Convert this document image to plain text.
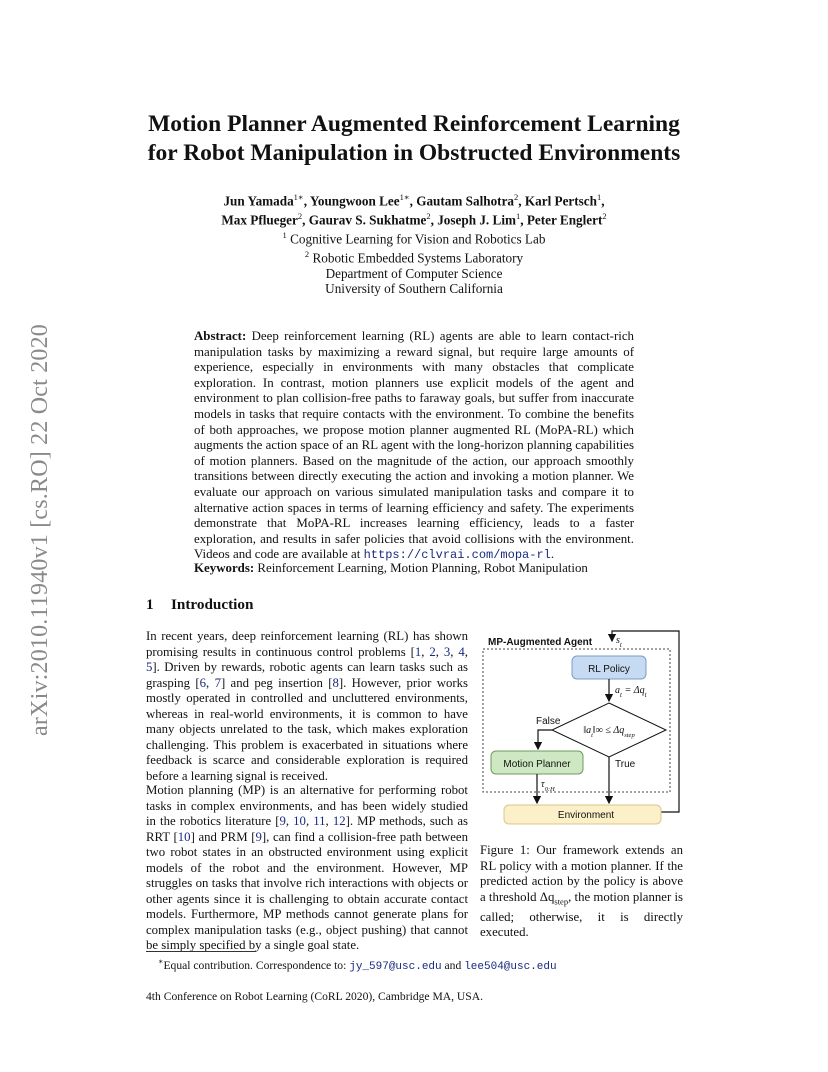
arXiv:2010.11940v1 [cs.RO] 22 Oct 2020
Motion Planner Augmented Reinforcement Learning
for Robot Manipulation in Obstructed Environments
Jun Yamada$^{1∗}$, Youngwoon Lee$^{1∗}$, Gautam Salhotra$^2$, Karl Pertsch$^1$,
Max Pflueger$^2$, Gaurav S. Sukhatme$^2$, Joseph J. Lim$^1$, Peter Englert$^2$
$^1$ Cognitive Learning for Vision and Robotics Lab
$^2$ Robotic Embedded Systems Laboratory
Department of Computer Science
University of Southern California
Abstract: Deep reinforcement learning (RL) agents are able to learn contact-rich manipulation tasks by maximizing a reward signal, but require large amounts of experience, especially in environments with many obstacles that complicate exploration. In contrast, motion planners use explicit models of the agent and environment to plan collision-free paths to faraway goals, but suffer from inaccurate models in tasks that require contacts with the environment. To combine the benefits of both approaches, we propose motion planner augmented RL (MoPA-RL) which augments the action space of an RL agent with the long-horizon planning capabilities of motion planners. Based on the magnitude of the action, our approach smoothly transitions between directly executing the action and invoking a motion planner. We evaluate our approach on various simulated manipulation tasks and compare it to alternative action spaces in terms of learning efficiency and safety. The experiments demonstrate that MoPA-RL increases learning efficiency, leads to a faster exploration, and results in safer policies that avoid collisions with the environment. Videos and code are available at https://clvrai.com/mopa-rl.
Keywords: Reinforcement Learning, Motion Planning, Robot Manipulation
1 Introduction

In recent years, deep reinforcement learning (RL) has shown promising results in continuous control problems [1, 2, 3, 4, 5]. Driven by rewards, robotic agents can learn tasks such as grasping [6, 7] and peg insertion [8]. However, prior works mostly operated in controlled and uncluttered environments, whereas in real-world environments, it is common to have many objects unrelated to the task, which makes exploration challenging. This problem is exacerbated in situations where feedback is scarce and considerable exploration is required before a learning signal is received.

Motion planning (MP) is an alternative for performing robot tasks in complex environments, and has been widely studied in the robotics literature [9, 10, 11, 12]. MP methods, such as RRT [10] and PRM [9], can find a collision-free path between two robot states in an obstructed environment using explicit models of the robot and the environment. However, MP struggles on tasks that involve rich interactions with objects or other agents since it is challenging to obtain accurate contact models. Furthermore, MP methods cannot generate plans for complex manipulation tasks (e.g., object pushing) that cannot be simply specified by a single goal state.

MP-Augmented Agent $s_t$
RL Policy
$a_t = \Delta q_t$
$‖a_t‖\infty \le \Delta q_{step}$
False
Motion Planner	True
$\tau_{0:H}$
Environment
Figure 1: Our framework extends an RL policy with a motion planner. If the predicted action by the policy is above a threshold $\Delta q_{step}$, the motion planner is called; otherwise, it is directly executed.
∗Equal contribution. Correspondence to: jy_597@usc.edu and lee504@usc.edu
4th Conference on Robot Learning (CoRL 2020), Cambridge MA, USA.
